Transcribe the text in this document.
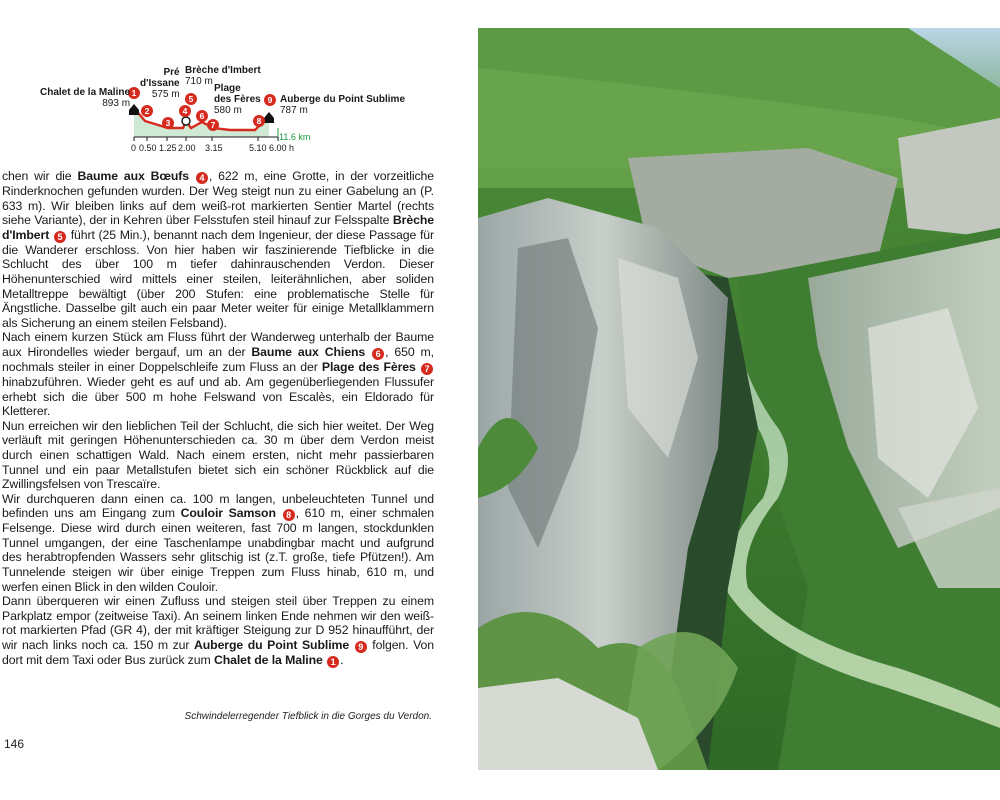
2
3
4
5
6
7	8
1
9
0 0.50 1.25 2.00 3.15	5.10 6.00 h
11.6 km
Chalet de la Maline
893 m
Pré
d'Issane
575 m
Brèche d'Imbert
710 m
Plage
des Fères
580 m
Auberge du Point Sublime
787 m

chen wir die Baume aux Bœufs 4 , 622 m, eine Grotte, in der vorzeitliche Rinderknochen gefunden wurden. Der Weg steigt nun zu einer Gabelung an (P. 633 m). Wir bleiben links auf dem weiß-rot markierten Sentier Martel (rechts siehe Variante), der in Kehren über Felsstufen steil hinauf zur Felsspalte Brèche d'Imbert 5 führt (25 Min.), benannt nach dem Ingenieur, der diese Passage für die Wanderer erschloss. Von hier haben wir faszinierende Tiefblicke in die Schlucht des über 100 m tiefer dahinrauschenden Verdon. Dieser Höhenunterschied wird mittels einer steilen, leiterähnlichen, aber soliden Metalltreppe bewältigt (über 200 Stufen: eine problematische Stelle für Ängstliche. Dasselbe gilt auch ein paar Meter weiter für einige Metallklammern als Sicherung an einem steilen Felsband).

Nach einem kurzen Stück am Fluss führt der Wanderweg unterhalb der Baume aux Hirondelles wieder bergauf, um an der Baume aux Chiens 6 , 650 m, nochmals steiler in einer Doppelschleife zum Fluss an der Plage des Fères 7 hinabzuführen. Wieder geht es auf und ab. Am gegenüberliegenden Flussufer erhebt sich die über 500 m hohe Felswand von Escalès, ein Eldorado für Kletterer.

Nun erreichen wir den lieblichen Teil der Schlucht, die sich hier weitet. Der Weg verläuft mit geringen Höhenunterschieden ca. 30 m über dem Verdon meist durch einen schattigen Wald. Nach einem ersten, nicht mehr passierbaren Tunnel und ein paar Metallstufen bietet sich ein schöner Rückblick auf die Zwillingsfelsen von Trescaïre.

Wir durchqueren dann einen ca. 100 m langen, unbeleuchteten Tunnel und befinden uns am Eingang zum Couloir Samson 8 , 610 m, einer schmalen Felsenge. Diese wird durch einen weiteren, fast 700 m langen, stockdunklen Tunnel umgangen, der eine Taschenlampe unabdingbar macht und aufgrund des herabtropfenden Wassers sehr glitschig ist (z.T. große, tiefe Pfützen!). Am Tunnelende steigen wir über einige Treppen zum Fluss hinab, 610 m, und werfen einen Blick in den wilden Couloir.

Dann überqueren wir einen Zufluss und steigen steil über Treppen zu einem Parkplatz empor (zeitweise Taxi). An seinem linken Ende nehmen wir den weiß-rot markierten Pfad (GR 4), der mit kräftiger Steigung zur D 952 hinaufführt, der wir nach links noch ca. 150 m zur Auberge du Point Sublime 9 folgen. Von dort mit dem Taxi oder Bus zurück zum Chalet de la Maline 1 .

Schwindelerregender Tiefblick in die Gorges du Verdon.
146
